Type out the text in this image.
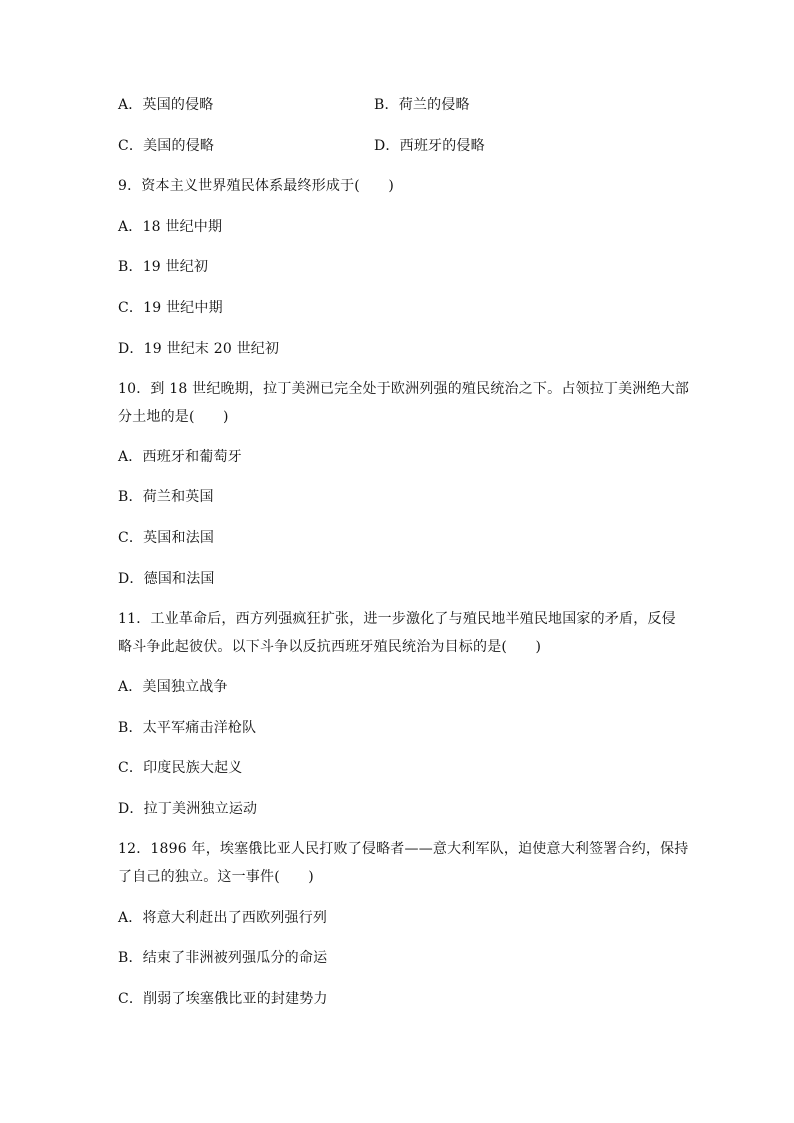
A．英国的侵略	B．荷兰的侵略
C．美国的侵略	D．西班牙的侵略
9．资本主义世界殖民体系最终形成于(　　)
A．18 世纪中期
B．19 世纪初
C．19 世纪中期
D．19 世纪末 20 世纪初
10．到 18 世纪晚期，拉丁美洲已完全处于欧洲列强的殖民统治之下。占领拉丁美洲绝大部
分土地的是(　　)
A．西班牙和葡萄牙
B．荷兰和英国
C．英国和法国
D．德国和法国
11．工业革命后，西方列强疯狂扩张，进一步激化了与殖民地半殖民地国家的矛盾，反侵
略斗争此起彼伏。以下斗争以反抗西班牙殖民统治为目标的是(　　)
A．美国独立战争
B．太平军痛击洋枪队
C．印度民族大起义
D．拉丁美洲独立运动
12．1896 年，埃塞俄比亚人民打败了侵略者——意大利军队，迫使意大利签署合约，保持
了自己的独立。这一事件(　　)
A．将意大利赶出了西欧列强行列
B．结束了非洲被列强瓜分的命运
C．削弱了埃塞俄比亚的封建势力
